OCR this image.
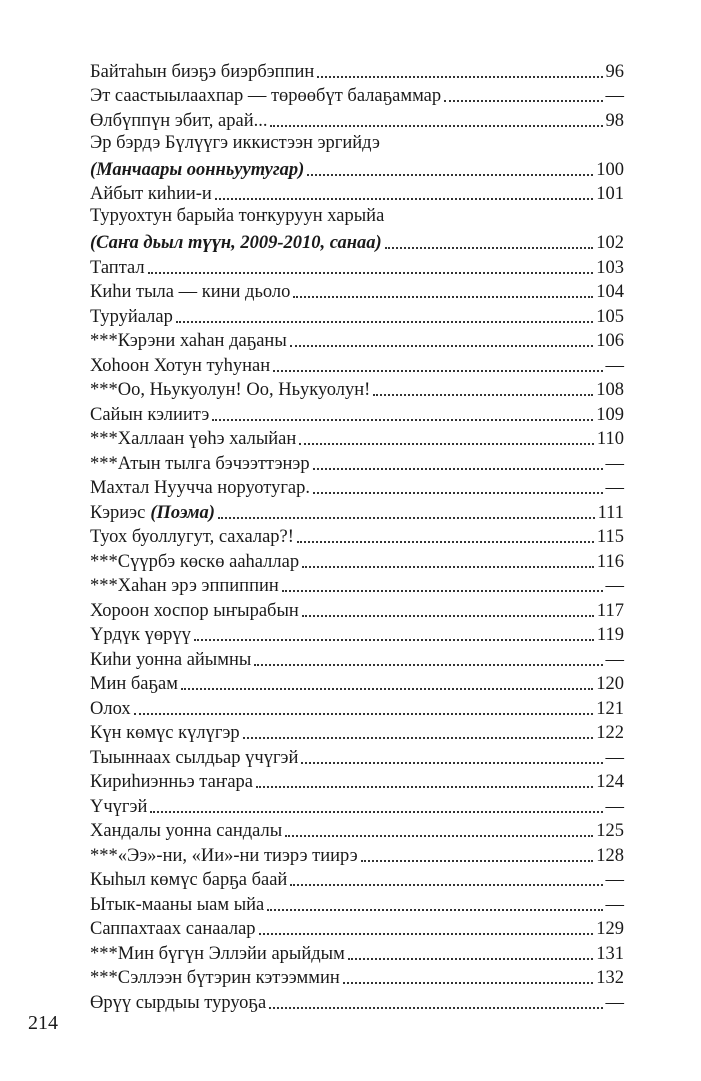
Байтаһын биэҕэ биэрбэппин	96
Эт саастыылаахпар — төрөөбүт балаҕаммар	—
Өлбүппүн эбит, арай...	98
Эр бэрдэ Бүлүүгэ иккистээн эргийдэ
(Манчаары оонньуутугар)	100
Айбыт киһии-и	101
Туруохтун барыйа тоҥкуруун харыйа
(Саҥа дьыл түүн, 2009-2010, санаа)	102
Таптал	103
Киһи тыла — кини дьоло	104
Туруйалар	105
***Кэрэни хаһан даҕаны	106
Хоһоон Хотун туһунан	—
***Оо, Ньукуолун! Оо, Ньукуолун!	108
Сайын кэлиитэ	109
***Халлаан үөһэ халыйан	110
***Атын тылга бэчээттэнэр	—
Махтал Нуучча норуотугар.	—
Кэриэс (Поэма)	111
Туох буоллугут, сахалар?!	115
***Сүүрбэ көскө ааһаллар	116
***Хаһан эрэ эппиппин	—
Хороон хоспор ыҥырабын	117
Үрдүк үөрүү	119
Киһи уонна айымны	—
Мин баҕам	120
Олох	121
Күн көмүс күлүгэр	122
Тыыннаах сылдьар үчүгэй	—
Кириһиэнньэ таҥара	124
Үчүгэй	—
Хандалы уонна сандалы	125
***«Ээ»-ни, «Ии»-ни тиэрэ тиирэ	128
Кыһыл көмүс барҕа баай	—
Ытык-мааны ыам ыйа	—
Саппахтаах санаалар	129
***Мин бүгүн Эллэйи арыйдым	131
***Сэллээн бүтэрин кэтээммин	132
Өрүү сырдыы туруоҕа	—
214
